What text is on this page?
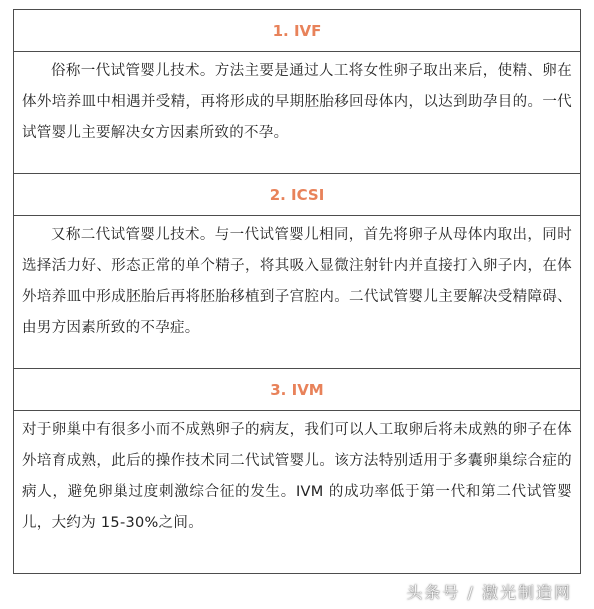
1. IVF

俗称一代试管婴儿技术。方法主要是通过人工将女性卵子取出来后，使精、卵在体外培养皿中相遇并受精，再将形成的早期胚胎移回母体内，以达到助孕目的。一代试管婴儿主要解决女方因素所致的不孕。

2. ICSI

又称二代试管婴儿技术。与一代试管婴儿相同，首先将卵子从母体内取出，同时选择活力好、形态正常的单个精子，将其吸入显微注射针内并直接打入卵子内，在体外培养皿中形成胚胎后再将胚胎移植到子宫腔内。二代试管婴儿主要解决受精障碍、由男方因素所致的不孕症。

3. IVM

对于卵巢中有很多小而不成熟卵子的病友，我们可以人工取卵后将未成熟的卵子在体外培育成熟，此后的操作技术同二代试管婴儿。该方法特别适用于多囊卵巢综合症的病人，避免卵巢过度刺激综合征的发生。IVM 的成功率低于第一代和第二代试管婴儿，大约为 15-30%之间。

头条号 / 激光制造网
